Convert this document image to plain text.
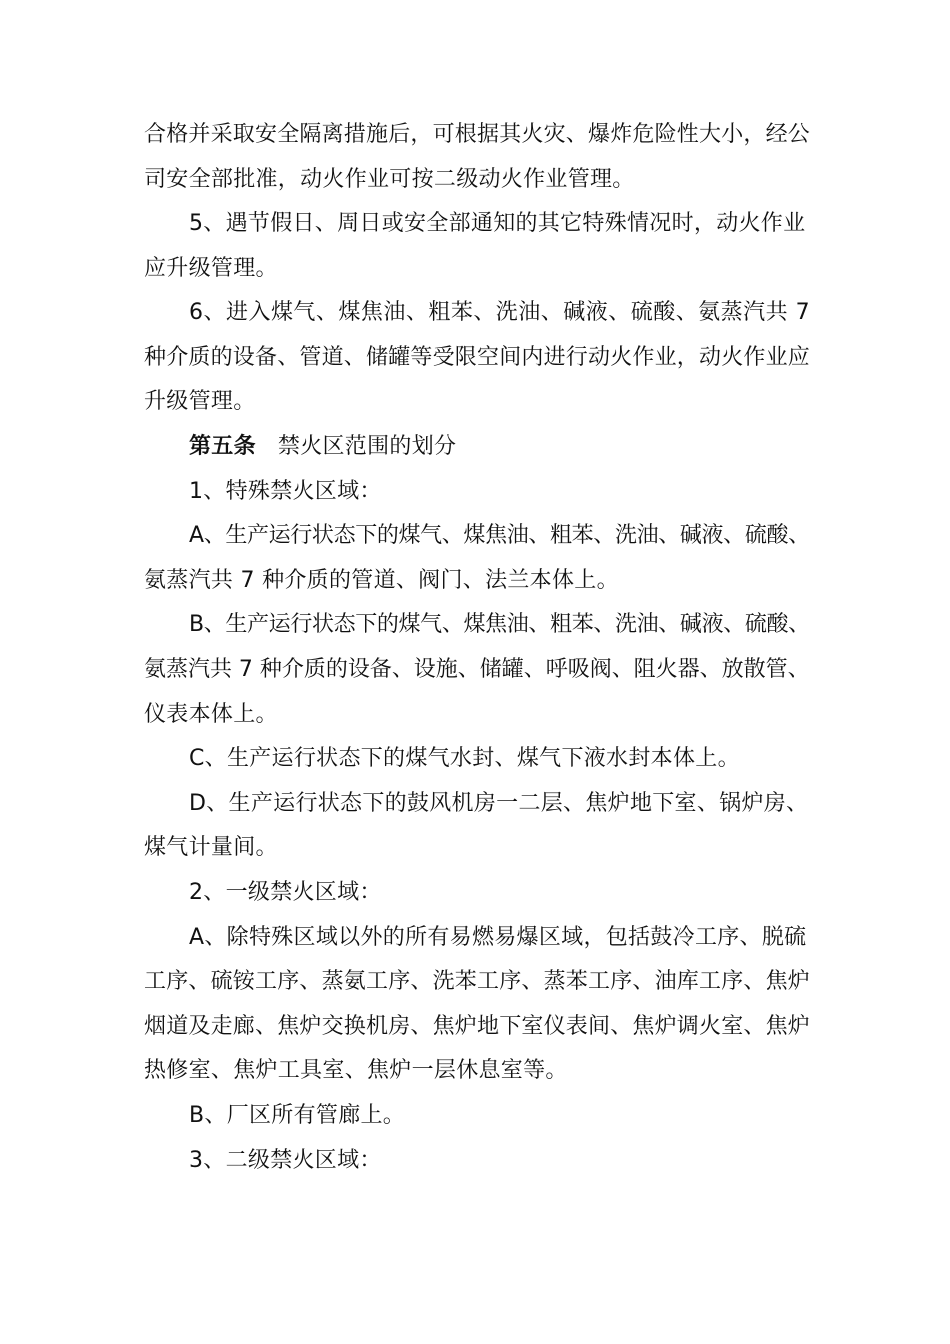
合格并采取安全隔离措施后，可根据其火灾、爆炸危险性大小，经公
司安全部批准，动火作业可按二级动火作业管理。
5、遇节假日、周日或安全部通知的其它特殊情况时，动火作业
应升级管理。
6、进入煤气、煤焦油、粗苯、洗油、碱液、硫酸、氨蒸汽共 7
种介质的设备、管道、储罐等受限空间内进行动火作业，动火作业应
升级管理。
第五条 禁火区范围的划分
1、特殊禁火区域：
A、生产运行状态下的煤气、煤焦油、粗苯、洗油、碱液、硫酸、
氨蒸汽共 7 种介质的管道、阀门、法兰本体上。
B、生产运行状态下的煤气、煤焦油、粗苯、洗油、碱液、硫酸、
氨蒸汽共 7 种介质的设备、设施、储罐、呼吸阀、阻火器、放散管、
仪表本体上。
C、生产运行状态下的煤气水封、煤气下液水封本体上。
D、生产运行状态下的鼓风机房一二层、焦炉地下室、锅炉房、
煤气计量间。
2、一级禁火区域：
A、除特殊区域以外的所有易燃易爆区域，包括鼓冷工序、脱硫
工序、硫铵工序、蒸氨工序、洗苯工序、蒸苯工序、油库工序、焦炉
烟道及走廊、焦炉交换机房、焦炉地下室仪表间、焦炉调火室、焦炉
热修室、焦炉工具室、焦炉一层休息室等。
B、厂区所有管廊上。
3、二级禁火区域：
